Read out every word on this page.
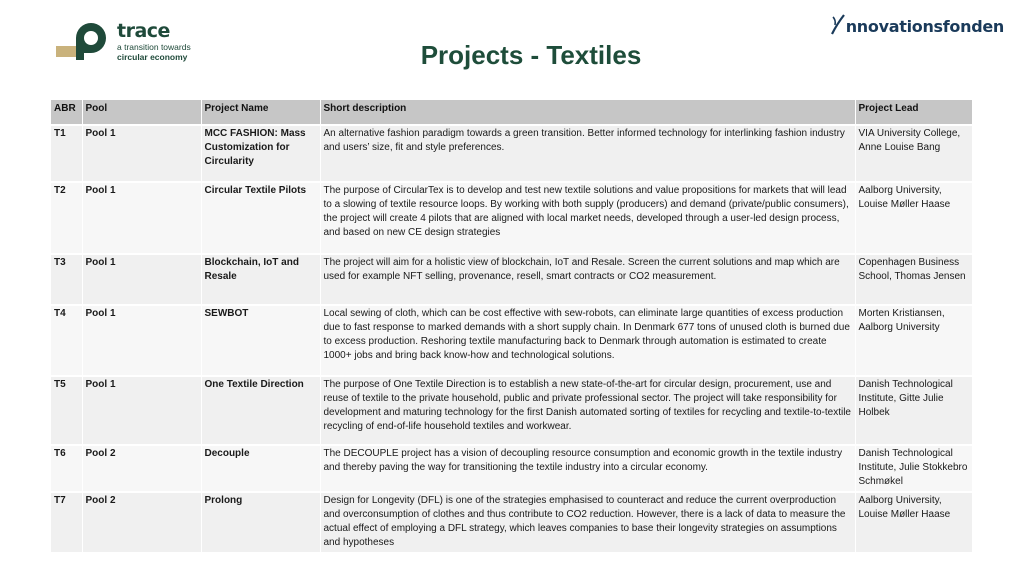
trace
a transition towards
circular economy	Projects - Textiles
nnovationsfonden
ABR	Pool	Project Name	Short description	Project Lead
T1	Pool 1	MCC FASHION: Mass Customization for Circularity	An alternative fashion paradigm towards a green transition. Better informed technology for interlinking fashion industry and users’ size, fit and style preferences.	VIA University College, Anne Louise Bang
T2	Pool 1	Circular Textile Pilots	The purpose of CircularTex is to develop and test new textile solutions and value propositions for markets that will lead to a slowing of textile resource loops. By working with both supply (producers) and demand (private/public consumers), the project will create 4 pilots that are aligned with local market needs, developed through a user-led design process, and based on new CE design strategies	Aalborg University, Louise Møller Haase
T3	Pool 1	Blockchain, IoT and Resale	The project will aim for a holistic view of blockchain, IoT and Resale. Screen the current solutions and map which are used for example NFT selling, provenance, resell, smart contracts or CO2 measurement.	Copenhagen Business School, Thomas Jensen
T4	Pool 1	SEWBOT	Local sewing of cloth, which can be cost effective with sew-robots, can eliminate large quantities of excess production due to fast response to marked demands with a short supply chain. In Denmark 677 tons of unused cloth is burned due to excess production. Reshoring textile manufacturing back to Denmark through automation is estimated to create 1000+ jobs and bring back know-how and technological solutions.	Morten Kristiansen, Aalborg University
T5	Pool 1	One Textile Direction	The purpose of One Textile Direction is to establish a new state-of-the-art for circular design, procurement, use and reuse of textile to the private household, public and private professional sector. The project will take responsibility for development and maturing technology for the first Danish automated sorting of textiles for recycling and textile-to-textile recycling of end-of-life household textiles and workwear.	Danish Technological Institute, Gitte Julie Holbek
T6	Pool 2	Decouple	The DECOUPLE project has a vision of decoupling resource consumption and economic growth in the textile industry and thereby paving the way for transitioning the textile industry into a circular economy.	Danish Technological Institute, Julie Stokkebro Schmøkel
T7	Pool 2	Prolong	Design for Longevity (DFL) is one of the strategies emphasised to counteract and reduce the current overproduction and overconsumption of clothes and thus contribute to CO2 reduction. However, there is a lack of data to measure the actual effect of employing a DFL strategy, which leaves companies to base their longevity strategies on assumptions and hypotheses	Aalborg University, Louise Møller Haase
